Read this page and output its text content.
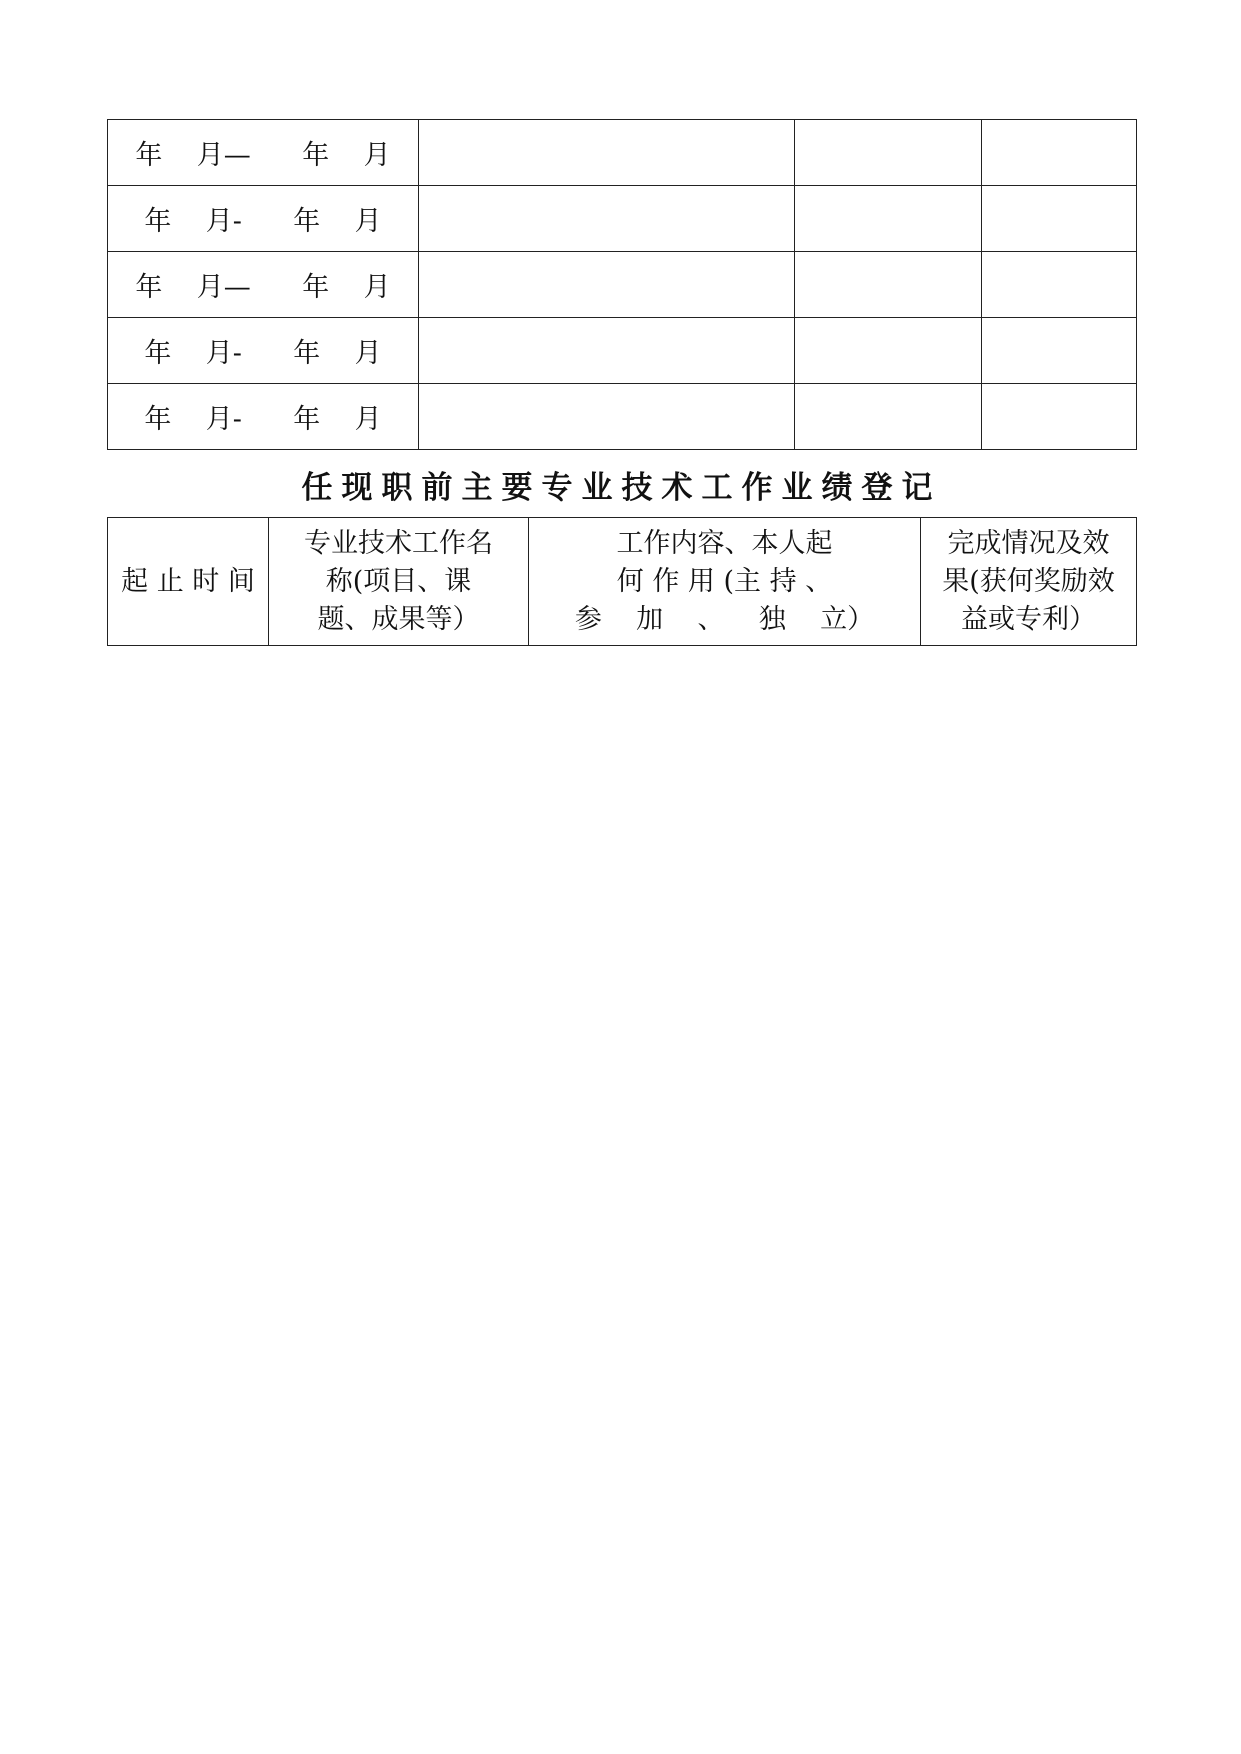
年    月—      年    月			
年    月-      年    月			
年    月—      年    月			
年    月-      年    月			
年    月-      年    月			
任现职前主要专业技术工作业绩登记
起 止 时 间

专业技术工作名
称(项目、课
题、成果等）

工作内容、本人起
何 作 用 (主 持 、
参    加    、    独    立）

完成情况及效
果(获何奖励效
益或专利）
